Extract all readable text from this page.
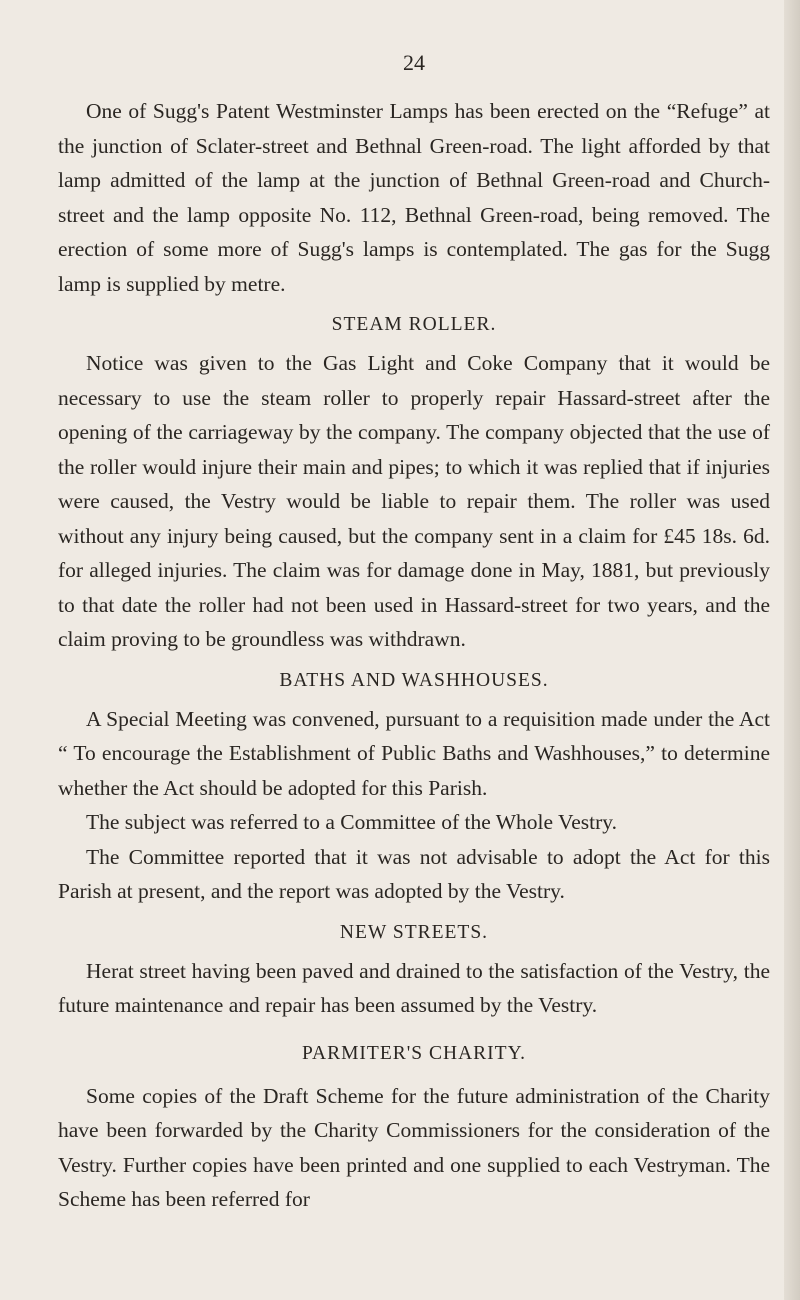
24

One of Sugg's Patent Westminster Lamps has been erected on the “Refuge” at the junction of Sclater-street and Bethnal Green-road. The light afforded by that lamp admitted of the lamp at the junction of Bethnal Green-road and Church-street and the lamp opposite No. 112, Bethnal Green-road, being removed. The erection of some more of Sugg's lamps is contemplated. The gas for the Sugg lamp is supplied by metre.

STEAM ROLLER.

Notice was given to the Gas Light and Coke Company that it would be necessary to use the steam roller to properly repair Hassard-street after the opening of the carriageway by the company. The company objected that the use of the roller would injure their main and pipes; to which it was replied that if injuries were caused, the Vestry would be liable to repair them. The roller was used without any injury being caused, but the company sent in a claim for £45 18s. 6d. for alleged injuries. The claim was for damage done in May, 1881, but previously to that date the roller had not been used in Hassard-street for two years, and the claim proving to be groundless was withdrawn.

BATHS AND WASHHOUSES.

A Special Meeting was convened, pursuant to a requisition made under the Act “ To encourage the Establishment of Public Baths and Washhouses,” to determine whether the Act should be adopted for this Parish.

The subject was referred to a Committee of the Whole Vestry.

The Committee reported that it was not advisable to adopt the Act for this Parish at present, and the report was adopted by the Vestry.

NEW STREETS.

Herat street having been paved and drained to the satisfaction of the Vestry, the future maintenance and repair has been assumed by the Vestry.

PARMITER'S CHARITY.

Some copies of the Draft Scheme for the future administration of the Charity have been forwarded by the Charity Commissioners for the consideration of the Vestry. Further copies have been printed and one supplied to each Vestryman. The Scheme has been referred for
